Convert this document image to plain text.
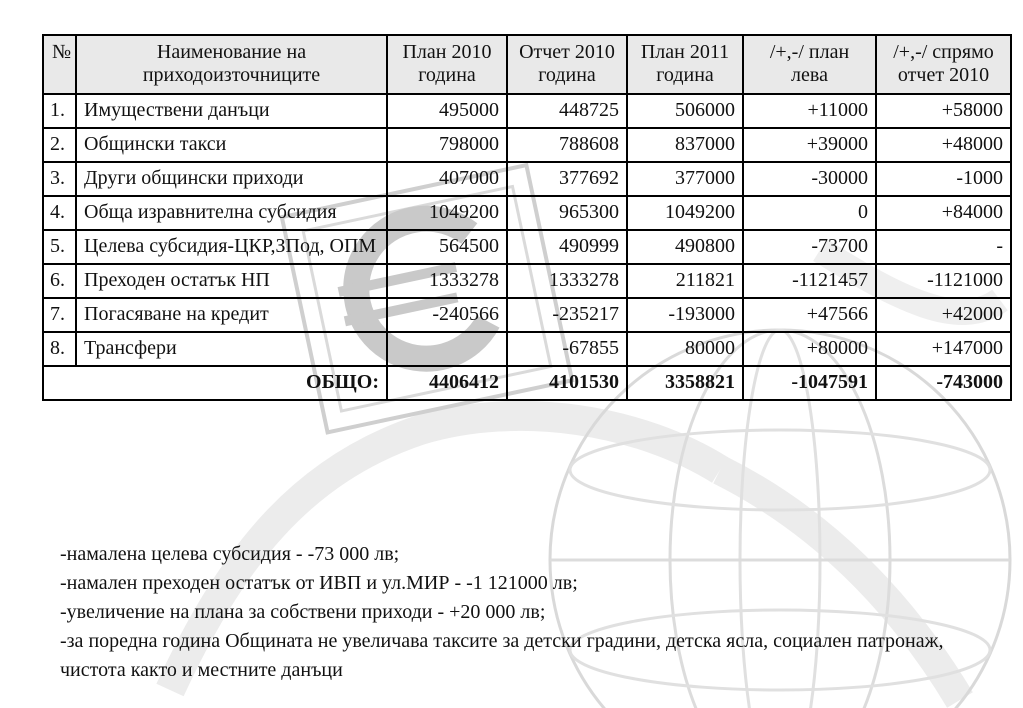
№	Наименование на приходоизточниците	План 2010 година	Отчет 2010 година	План 2011 година	/+,-/ план лева	/+,-/ спрямо отчет 2010
1.	Имуществени данъци	495000	448725	506000	+11000	+58000
2.	Общински такси	798000	788608	837000	+39000	+48000
3.	Други общински приходи	407000	377692	377000	-30000	-1000
4.	Обща изравнителна субсидия	1049200	965300	1049200	0	+84000
5.	Целева субсидия-ЦКР,ЗПод, ОПМ	564500	490999	490800	-73700	-
6.	Преходен остатък НП	1333278	1333278	211821	-1121457	-1121000
7.	Погасяване на кредит	-240566	-235217	-193000	+47566	+42000
8.	Трансфери		-67855	80000	+80000	+147000
ОБЩО:		4406412	4101530	3358821	-1047591	-743000

-намалена целева субсидия - -73 000 лв;

-намален преходен остатък от ИВП и ул.МИР - -1 121000 лв;

-увеличение на плана за собствени приходи - +20 000 лв;

-за поредна година Общината не увеличава таксите за детски градини, детска ясла, социален патронаж, чистота както и местните данъци
